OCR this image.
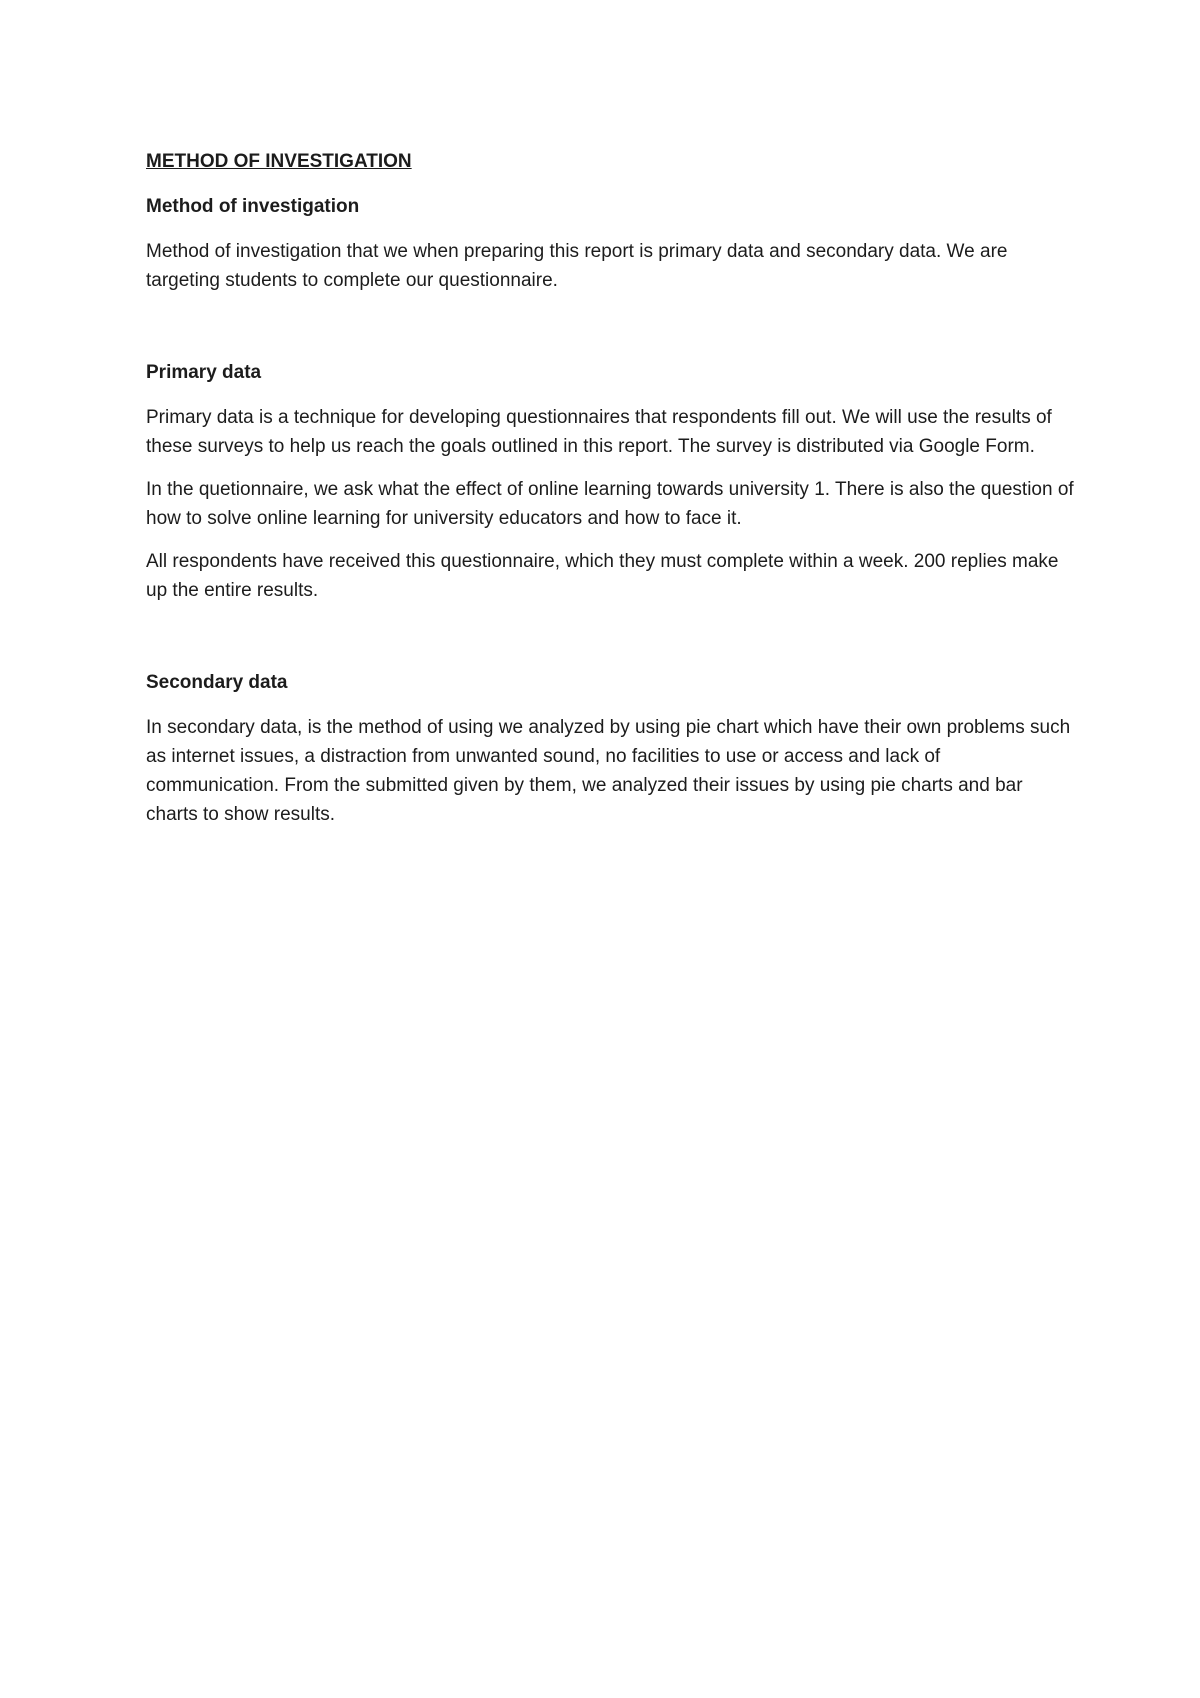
METHOD OF INVESTIGATION

Method of investigation

Method of investigation that we when preparing this report is primary data and secondary data. We are targeting students to complete our questionnaire.

Primary data

Primary data is a technique for developing questionnaires that respondents fill out. We will use the results of these surveys to help us reach the goals outlined in this report. The survey is distributed via Google Form.

In the quetionnaire, we ask what the effect of online learning towards university 1. There is also the question of how to solve online learning for university educators and how to face it.

All respondents have received this questionnaire, which they must complete within a week. 200 replies make up the entire results.

Secondary data

In secondary data, is the method of using we analyzed by using pie chart which have their own problems such as internet issues, a distraction from unwanted sound, no facilities to use or access and lack of communication. From the submitted given by them, we analyzed their issues by using pie charts and bar charts to show results.
